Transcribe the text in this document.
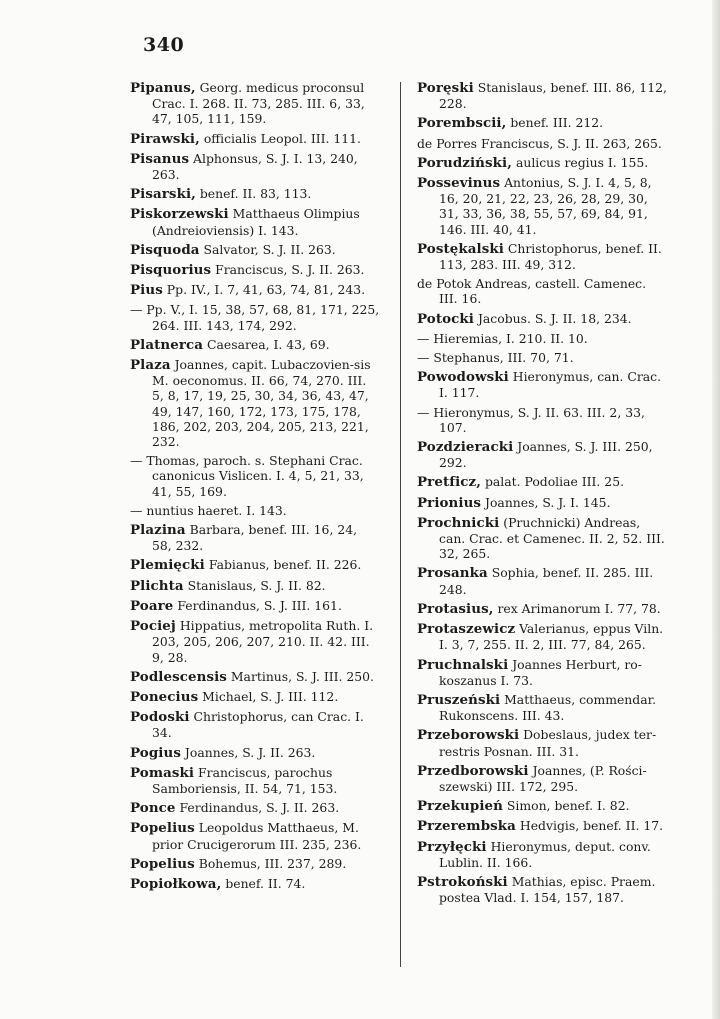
340
Pipanus, Georg. medicus proconsul Crac. I. 268. II. 73, 285. III. 6, 33, 47, 105, 111, 159.
Pirawski, officialis Leopol. III. 111.
Pisanus Alphonsus, S. J. I. 13, 240, 263.
Pisarski, benef. II. 83, 113.
Piskorzewski Matthaeus Olimpius (Andreioviensis) I. 143.
Pisquoda Salvator, S. J. II. 263.
Pisquorius Franciscus, S. J. II. 263.
Pius Pp. IV., I. 7, 41, 63, 74, 81, 243.
— Pp. V., I. 15, 38, 57, 68, 81, 171, 225, 264. III. 143, 174, 292.
Platnerca Caesarea, I. 43, 69.
Plaza Joannes, capit. Lubaczovien-sis M. oeconomus. II. 66, 74, 270. III. 5, 8, 17, 19, 25, 30, 34, 36, 43, 47, 49, 147, 160, 172, 173, 175, 178, 186, 202, 203, 204, 205, 213, 221, 232.
— Thomas, paroch. s. Stephani Crac. canonicus Vislicen. I. 4, 5, 21, 33, 41, 55, 169.
— nuntius haeret. I. 143.
Plazina Barbara, benef. III. 16, 24, 58, 232.
Plemięcki Fabianus, benef. II. 226.
Plichta Stanislaus, S. J. II. 82.
Poare Ferdinandus, S. J. III. 161.
Pociej Hippatius, metropolita Ruth. I. 203, 205, 206, 207, 210. II. 42. III. 9, 28.
Podlescensis Martinus, S. J. III. 250.
Ponecius Michael, S. J. III. 112.
Podoski Christophorus, can Crac. I. 34.
Pogius Joannes, S. J. II. 263.
Pomaski Franciscus, parochus Samboriensis, II. 54, 71, 153.
Ponce Ferdinandus, S. J. II. 263.
Popelius Leopoldus Matthaeus, M. prior Crucigerorum III. 235, 236.
Popelius Bohemus, III. 237, 289.
Popiołkowa, benef. II. 74.
Poręski Stanislaus, benef. III. 86, 112, 228.
Porembscii, benef. III. 212.
de Porres Franciscus, S. J. II. 263, 265.
Porudziński, aulicus regius I. 155.
Possevinus Antonius, S. J. I. 4, 5, 8, 16, 20, 21, 22, 23, 26, 28, 29, 30, 31, 33, 36, 38, 55, 57, 69, 84, 91, 146. III. 40, 41.
Postękalski Christophorus, benef. II. 113, 283. III. 49, 312.
de Potok Andreas, castell. Camenec. III. 16.
Potocki Jacobus. S. J. II. 18, 234.
— Hieremias, I. 210. II. 10.
— Stephanus, III. 70, 71.
Powodowski Hieronymus, can. Crac. I. 117.
— Hieronymus, S. J. II. 63. III. 2, 33, 107.
Pozdzieracki Joannes, S. J. III. 250, 292.
Pretficz, palat. Podoliae III. 25.
Prionius Joannes, S. J. I. 145.
Prochnicki (Pruchnicki) Andreas, can. Crac. et Camenec. II. 2, 52. III. 32, 265.
Prosanka Sophia, benef. II. 285. III. 248.
Protasius, rex Arimanorum I. 77, 78.
Protaszewicz Valerianus, eppus Viln. I. 3, 7, 255. II. 2, III. 77, 84, 265.
Pruchnalski Joannes Herburt, ro-koszanus I. 73.
Pruszeński Matthaeus, commendar. Rukonscens. III. 43.
Przeborowski Dobeslaus, judex ter-restris Posnan. III. 31.
Przedborowski Joannes, (P. Rości-szewski) III. 172, 295.
Przekupień Simon, benef. I. 82.
Przerembska Hedvigis, benef. II. 17.
Przyłęcki Hieronymus, deput. conv. Lublin. II. 166.
Pstrokoński Mathias, episc. Praem. postea Vlad. I. 154, 157, 187.
